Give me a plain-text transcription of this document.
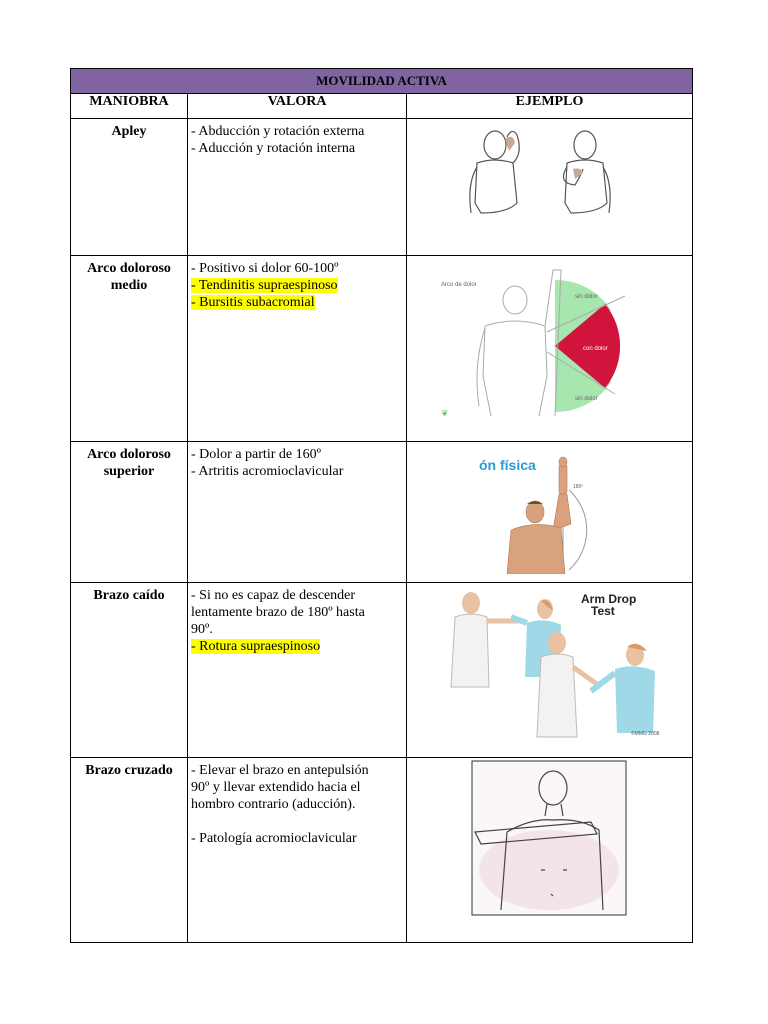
MOVILIDAD ACTIVA		
MANIOBRA	VALORA	EJEMPLO
Apley	- Abducción y rotación externa
- Aducción y rotación interna

Arco doloroso medio	- Positivo si dolor 60-100º
- Tendinitis supraespinoso
- Bursitis subacromial	Arco de dolor
sin dolor
con dolor
sin dolor
❦

Arco doloroso superior	- Dolor a partir de 160º
- Artritis acromioclavicular	ón física
180º

Brazo caído	- Si no es capaz de descender
lentamente brazo de 180º hasta
90º.
- Rotura supraespinoso	Arm Drop
Test
©MMG 2008

Brazo cruzado	- Elevar el brazo en antepulsión
90º y llevar extendido hacia el
hombro contrario (aducción).
- Patología acromioclavicular
